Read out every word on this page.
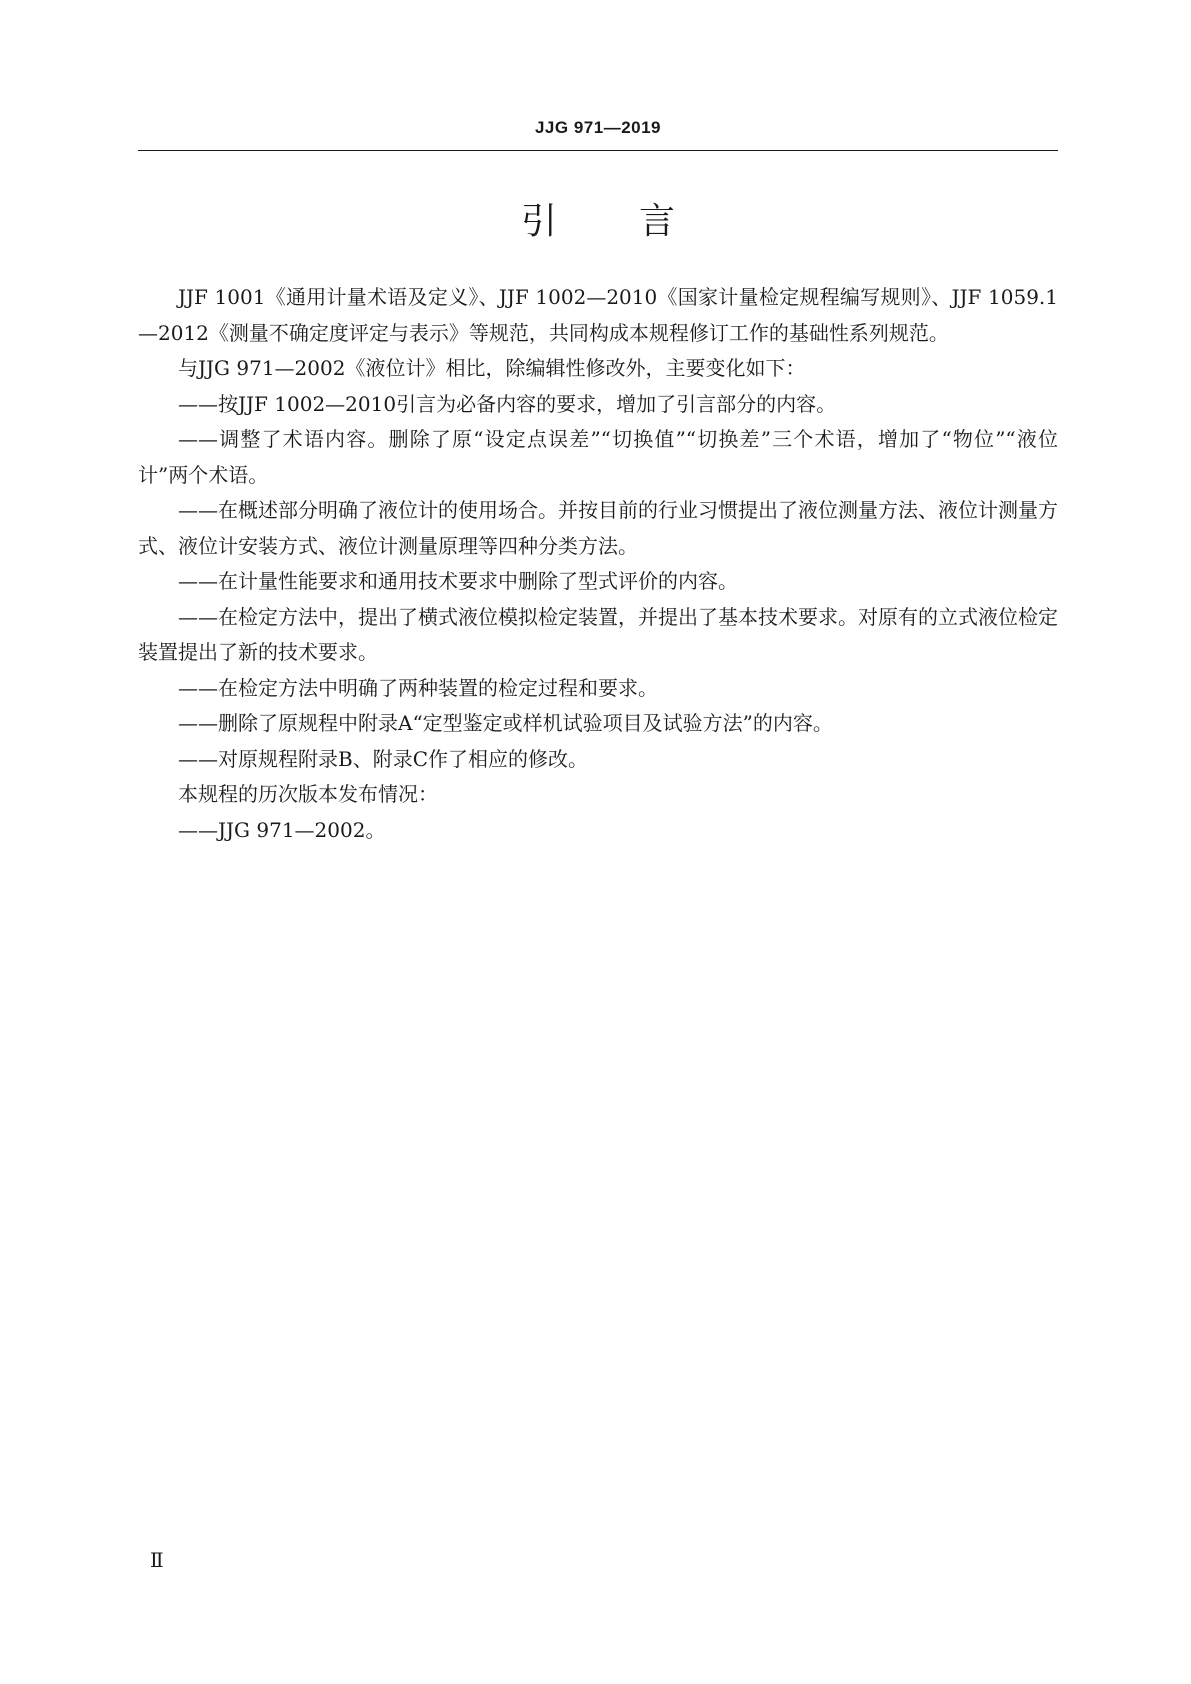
JJG 971—2019
引言

JJF 1001《通用计量术语及定义》、JJF 1002—2010《国家计量检定规程编写规则》、JJF 1059.1—2012《测量不确定度评定与表示》等规范，共同构成本规程修订工作的基础性系列规范。

与JJG 971—2002《液位计》相比，除编辑性修改外，主要变化如下：

——按JJF 1002—2010引言为必备内容的要求，增加了引言部分的内容。

——调整了术语内容。删除了原“设定点误差”“切换值”“切换差”三个术语，增加了“物位”“液位计”两个术语。

——在概述部分明确了液位计的使用场合。并按目前的行业习惯提出了液位测量方法、液位计测量方式、液位计安装方式、液位计测量原理等四种分类方法。

——在计量性能要求和通用技术要求中删除了型式评价的内容。

——在检定方法中，提出了横式液位模拟检定装置，并提出了基本技术要求。对原有的立式液位检定装置提出了新的技术要求。

——在检定方法中明确了两种装置的检定过程和要求。

——删除了原规程中附录A“定型鉴定或样机试验项目及试验方法”的内容。

——对原规程附录B、附录C作了相应的修改。

本规程的历次版本发布情况：

——JJG 971—2002。

Ⅱ
